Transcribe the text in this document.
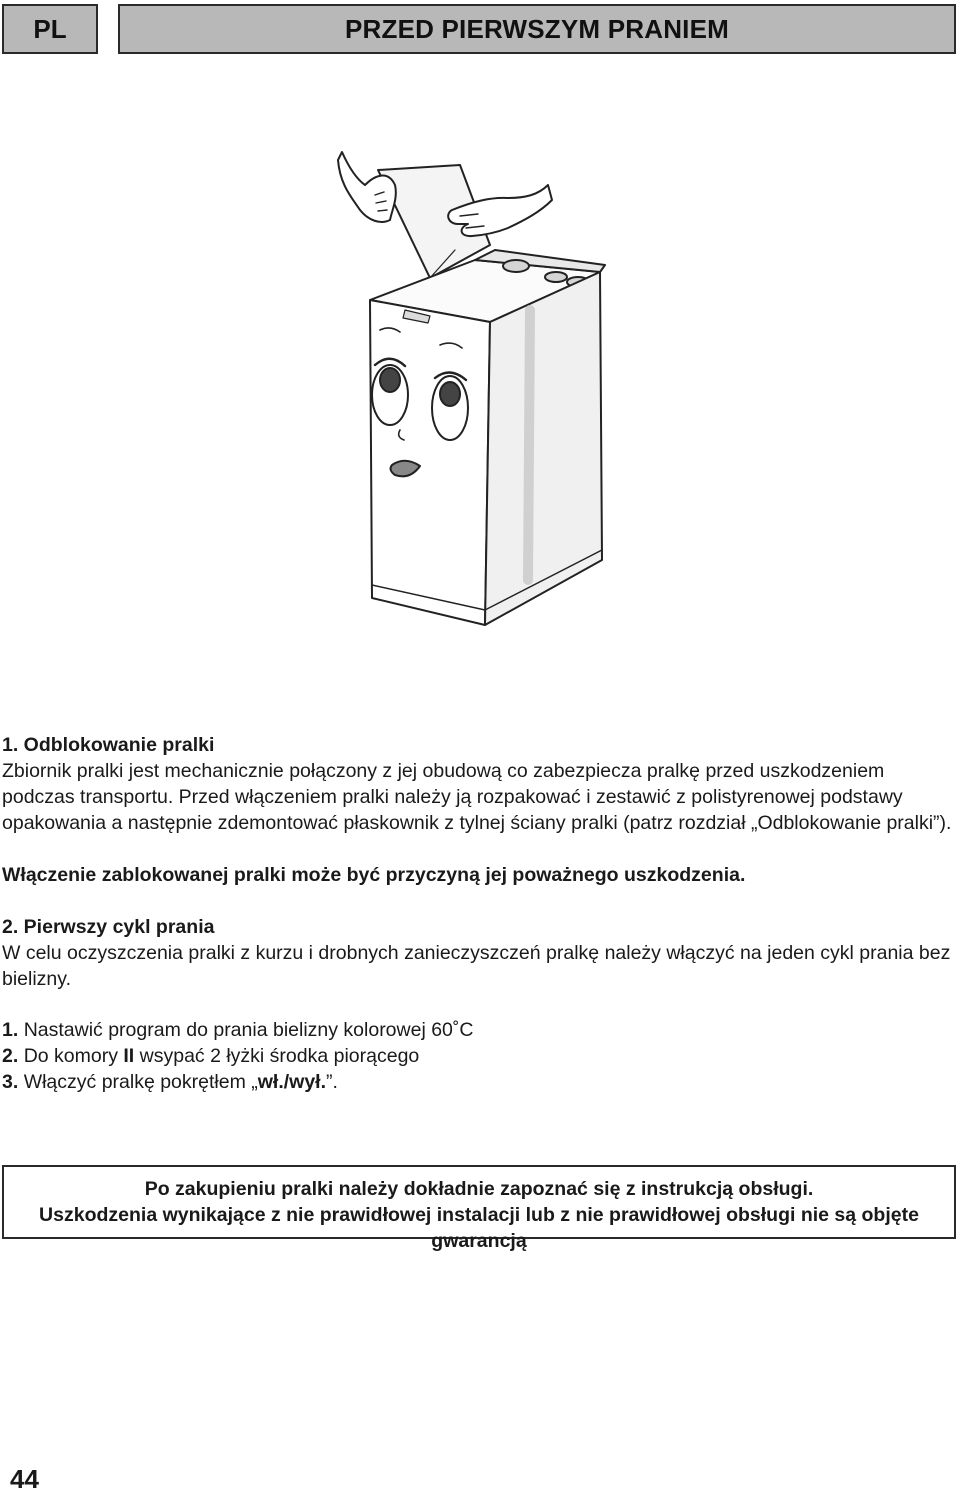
PL	PRZED PIERWSZYM PRANIEM

1. Odblokowanie pralki

Zbiornik pralki jest mechanicznie połączony z jej obudową co zabezpiecza pralkę przed uszkodzeniem podczas transportu. Przed włączeniem pralki należy ją rozpakować i zestawić z polistyrenowej podstawy opakowania a następnie zdemontować płaskownik z tylnej ściany pralki (patrz rozdział „Odblokowanie pralki”).

Włączenie zablokowanej pralki może być przyczyną jej poważnego uszkodzenia.

2. Pierwszy cykl prania

W celu oczyszczenia pralki z kurzu i drobnych zanieczyszczeń pralkę należy włączyć na jeden cykl prania bez bielizny.

1. Nastawić program do prania bielizny kolorowej 60˚C

2. Do komory II wsypać 2 łyżki środka piorącego

3. Włączyć pralkę pokrętłem „wł./wył.”.

Po zakupieniu pralki należy dokładnie zapoznać się z instrukcją obsługi.

Uszkodzenia wynikające z nie prawidłowej instalacji lub z nie prawidłowej obsługi nie są objęte gwarancją

44
